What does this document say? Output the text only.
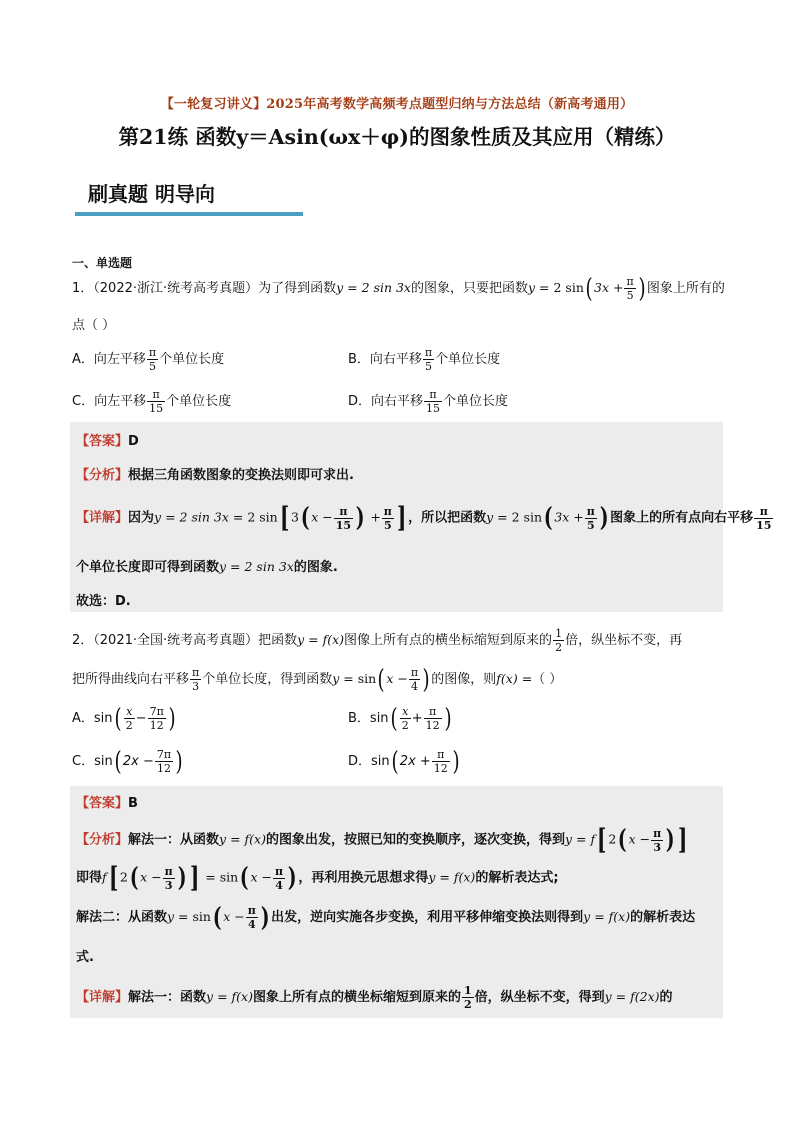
【一轮复习讲义】2025年高考数学高频考点题型归纳与方法总结（新高考通用）
第21练 函数y＝Asin(ωx＋φ)的图象性质及其应用（精练）
刷真题 明导向
一、单选题
1．（2022·浙江·统考高考真题）为了得到函数y = 2 sin 3x的图象，只要把函数y = 2 sin( $3x + \frac{\pi}{5}$ ) 图象上所有的
点（ ）
A．向左平移 $\frac{\pi}{5}$ 个单位长度	B．向右平移 $\frac{\pi}{5}$ 个单位长度
C．向左平移 $\frac{\pi}{15}$ 个单位长度	D．向右平移 $\frac{\pi}{15}$ 个单位长度
【答案】D
【分析】根据三角函数图象的变换法则即可求出.
【详解】因为y = 2 sin 3x = 2 sin[ 3( $x - \frac{\pi}{15}$ ) + $\frac{\pi}{5}$ ] ，所以把函数y = 2 sin( $3x + \frac{\pi}{5}$ ) 图象上的所有点向右平移 $\frac{\pi}{15}$
个单位长度即可得到函数y = 2 sin 3x的图象.
故选：D.
2．（2021·全国·统考高考真题）把函数y = f(x)图像上所有点的横坐标缩短到原来的 $\frac{1}{2}$ 倍，纵坐标不变，再
把所得曲线向右平移 $\frac{\pi}{3}$ 个单位长度，得到函数y = sin( $x - \frac{\pi}{4}$ ) 的图像，则f(x) =（ ）
A．$\sin( \frac{x}{2} - \frac{7\pi}{12}$ )	B．$\sin( \frac{x}{2} + \frac{\pi}{12}$ )
C．sin( $2x - \frac{7\pi}{12}$ )	D．sin( $2x + \frac{\pi}{12}$ )
【答案】B
【分析】解法一：从函数y = f(x)的图象出发，按照已知的变换顺序，逐次变换，得到y = f[ 2( $x - \frac{\pi}{3}$ ) ]
即得f[ 2( $x - \frac{\pi}{3}$ ) ] = sin( $x - \frac{\pi}{4}$ ) ，再利用换元思想求得y = f(x)的解析表达式;
解法二：从函数y = sin( $x - \frac{\pi}{4}$ ) 出发，逆向实施各步变换，利用平移伸缩变换法则得到y = f(x)的解析表达
式.
【详解】解法一：函数y = f(x)图象上所有点的横坐标缩短到原来的 $\frac{1}{2}$ 倍，纵坐标不变，得到y = f(2x)的
